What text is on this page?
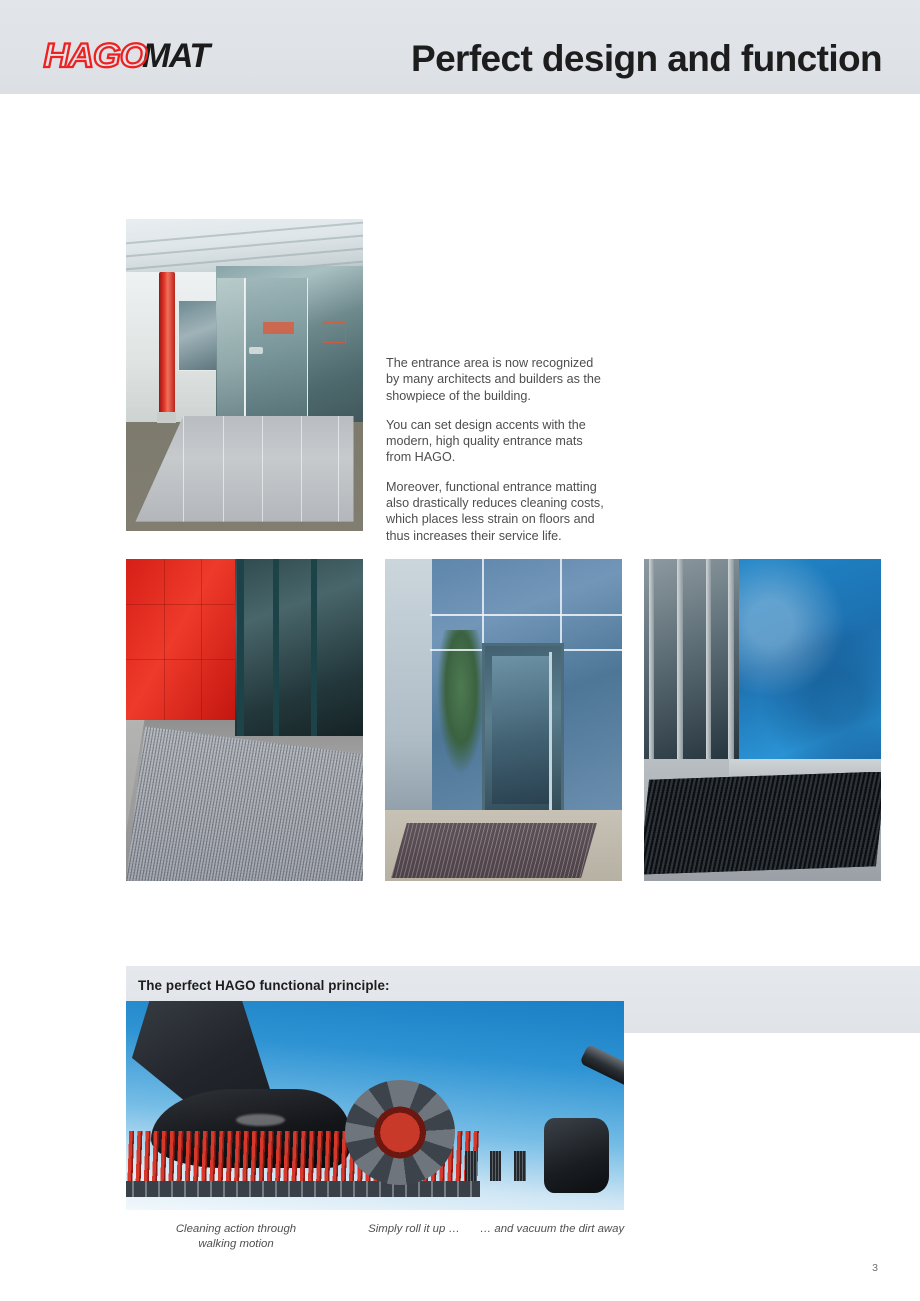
HAGOMAT	Perfect design and function

The entrance area is now recognized by many architects and builders as the showpiece of the building.

You can set design accents with the modern, high quality entrance mats from HAGO.

Moreover, functional entrance matting also drastically reduces cleaning costs, which places less strain on floors and thus increases their service life.

The perfect HAGO functional principle:
Cleaning action through walking motion
Simply roll it up …	… and vacuum the dirt away
3
